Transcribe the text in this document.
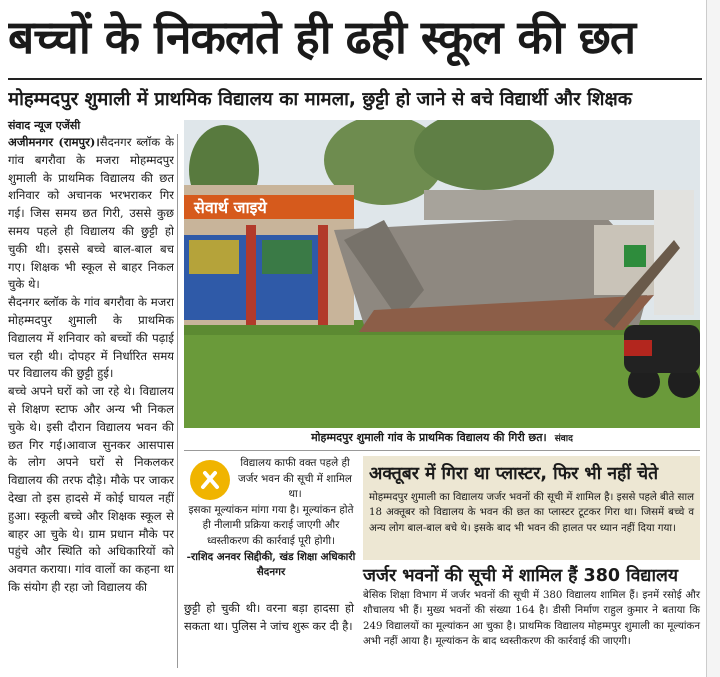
बच्चों के निकलते ही ढही स्कूल की छत
मोहम्मदपुर शुमाली में प्राथमिक विद्यालय का मामला, छुट्टी हो जाने से बचे विद्यार्थी और शिक्षक
संवाद न्यूज एजेंसी

अजीमनगर (रामपुर)।सैदनगर ब्लॉक के गांव बगरौवा के मजरा मोहम्मदपुर शुमाली के प्राथमिक विद्यालय की छत शनिवार को अचानक भरभराकर गिर गई। जिस समय छत गिरी, उससे कुछ समय पहले ही विद्यालय की छुट्टी हो चुकी थी। इससे बच्चे बाल-बाल बच गए। शिक्षक भी स्कूल से बाहर निकल चुके थे।

सैदनगर ब्लॉक के गांव बगरौवा के मजरा मोहम्मदपुर शुमाली के प्राथमिक विद्यालय में शनिवार को बच्चों की पढ़ाई चल रही थी। दोपहर में निर्धारित समय पर विद्यालय की छुट्टी हुई।

बच्चे अपने घरों को जा रहे थे। विद्यालय से शिक्षण स्टाफ और अन्य भी निकल चुके थे। इसी दौरान विद्यालय भवन की छत गिर गई।आवाज सुनकर आसपास के लोग अपने घरों से निकलकर विद्यालय की तरफ दौड़े। मौके पर जाकर देखा तो इस हादसे में कोई घायल नहीं हुआ। स्कूली बच्चे और शिक्षक स्कूल से बाहर आ चुके थे। ग्राम प्रधान मौके पर पहुंचे और स्थिति को अधिकारियों को अवगत कराया। गांव वालों का कहना था कि संयोग ही रहा जो विद्यालय की

सेवार्थ जाइये
मोहम्मदपुर शुमाली गांव के प्राथमिक विद्यालय की गिरी छत। संवाद
विद्यालय काफी वक्त पहले ही जर्जर भवन की सूची में शामिल था।
इसका मूल्यांकन मांगा गया है। मूल्यांकन होते ही नीलामी प्रक्रिया कराई जाएगी और ध्वस्तीकरण की कार्रवाई पूरी होगी।
-राशिद अनवर सिद्दीकी, खंड शिक्षा अधिकारी सैदनगर
छुट्टी हो चुकी थी। वरना बड़ा हादसा हो सकता था। पुलिस ने जांच शुरू कर दी है।
अक्तूबर में गिरा था प्लास्टर, फिर भी नहीं चेते

मोहम्मदपुर शुमाली का विद्यालय जर्जर भवनों की सूची में शामिल है। इससे पहले बीते साल 18 अक्तूबर को विद्यालय के भवन की छत का प्लास्टर टूटकर गिरा था। जिसमें बच्चे व अन्य लोग बाल-बाल बचे थे। इसके बाद भी भवन की हालत पर ध्यान नहीं दिया गया।

जर्जर भवनों की सूची में शामिल हैं 380 विद्यालय

बेसिक शिक्षा विभाग में जर्जर भवनों की सूची में 380 विद्यालय शामिल हैं। इनमें रसोई और शौचालय भी हैं। मुख्य भवनों की संख्या 164 है। डीसी निर्माण राहुल कुमार ने बताया कि 249 विद्यालयों का मूल्यांकन आ चुका है। प्राथमिक विद्यालय मोहम्मपुर शुमाली का मूल्यांकन अभी नहीं आया है। मूल्यांकन के बाद ध्वस्तीकरण की कार्रवाई की जाएगी।
